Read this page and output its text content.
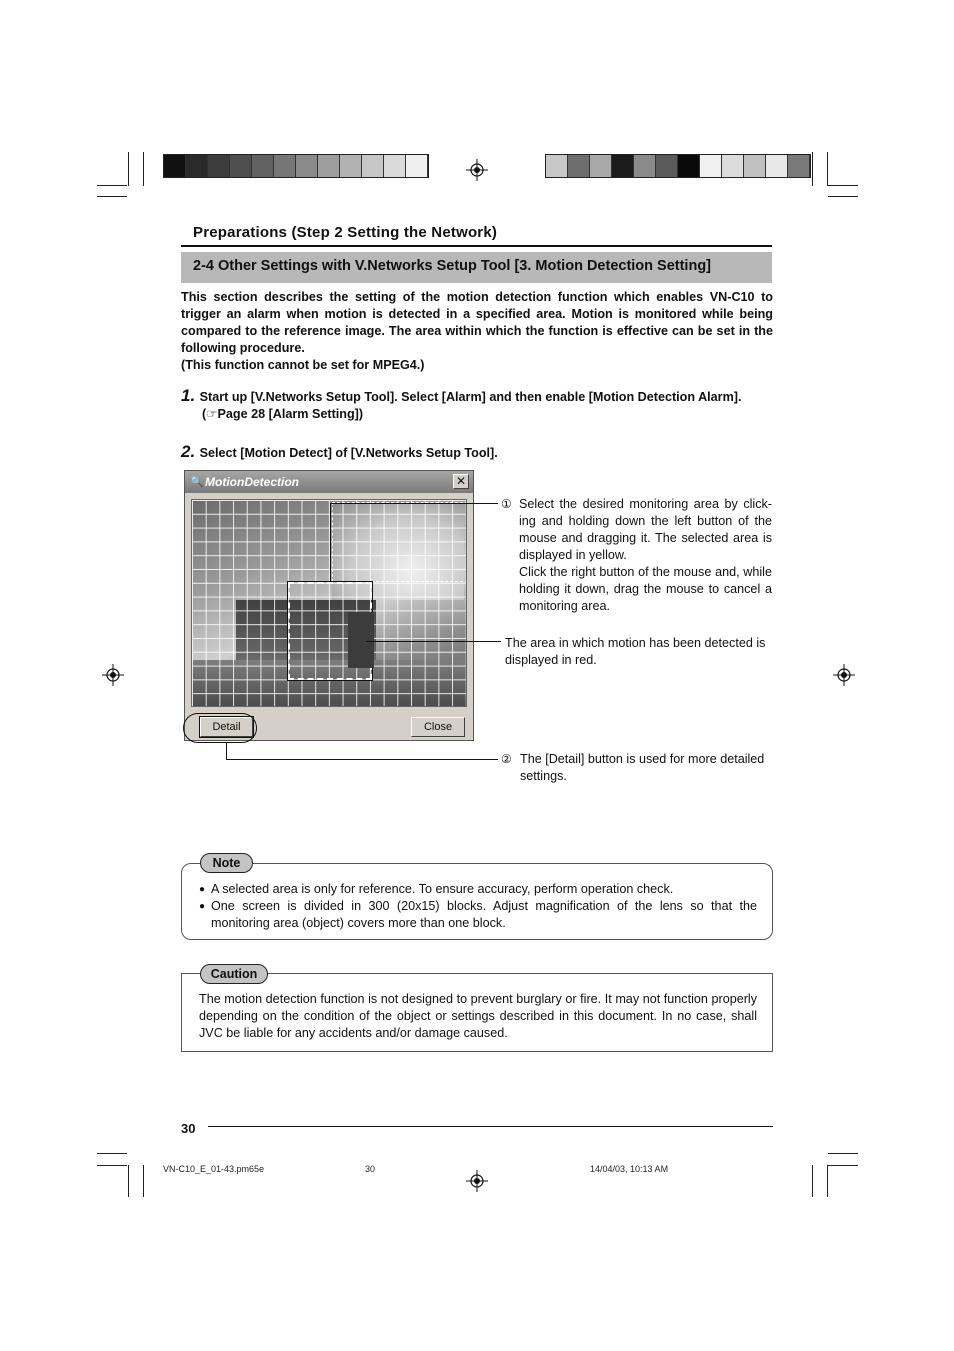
Preparations (Step 2 Setting the Network)
2-4 Other Settings with V.Networks Setup Tool [3. Motion Detection Setting]
This section describes the setting of the motion detection function which enables VN-C10 to trigger an alarm when motion is detected in a specified area. Motion is monitored while being compared to the reference image. The area within which the function is effective can be set in the following procedure.
(This function cannot be set for MPEG4.)
1. Start up [V.Networks Setup Tool]. Select [Alarm] and then enable [Motion Detection Alarm].
(☞Page 28 [Alarm Setting])
2. Select [Motion Detect] of [V.Networks Setup Tool].
🔍 MotionDetection	✕
Detail	Close
① Select the desired monitoring area by click-ing and holding down the left button of the mouse and dragging it. The selected area is displayed in yellow.
Click the right button of the mouse and, while holding it down, drag the mouse to cancel a monitoring area.
The area in which motion has been detected is displayed in red.
② The [Detail] button is used for more detailed settings.
Note
● A selected area is only for reference. To ensure accuracy, perform operation check.
● One screen is divided in 300 (20x15) blocks. Adjust magnification of the lens so that the monitoring area (object) covers more than one block.
Caution
The motion detection function is not designed to prevent burglary or fire. It may not function properly depending on the condition of the object or settings described in this document. In no case, shall JVC be liable for any accidents and/or damage caused.
30
VN-C10_E_01-43.pm65e	30	14/04/03, 10:13 AM
